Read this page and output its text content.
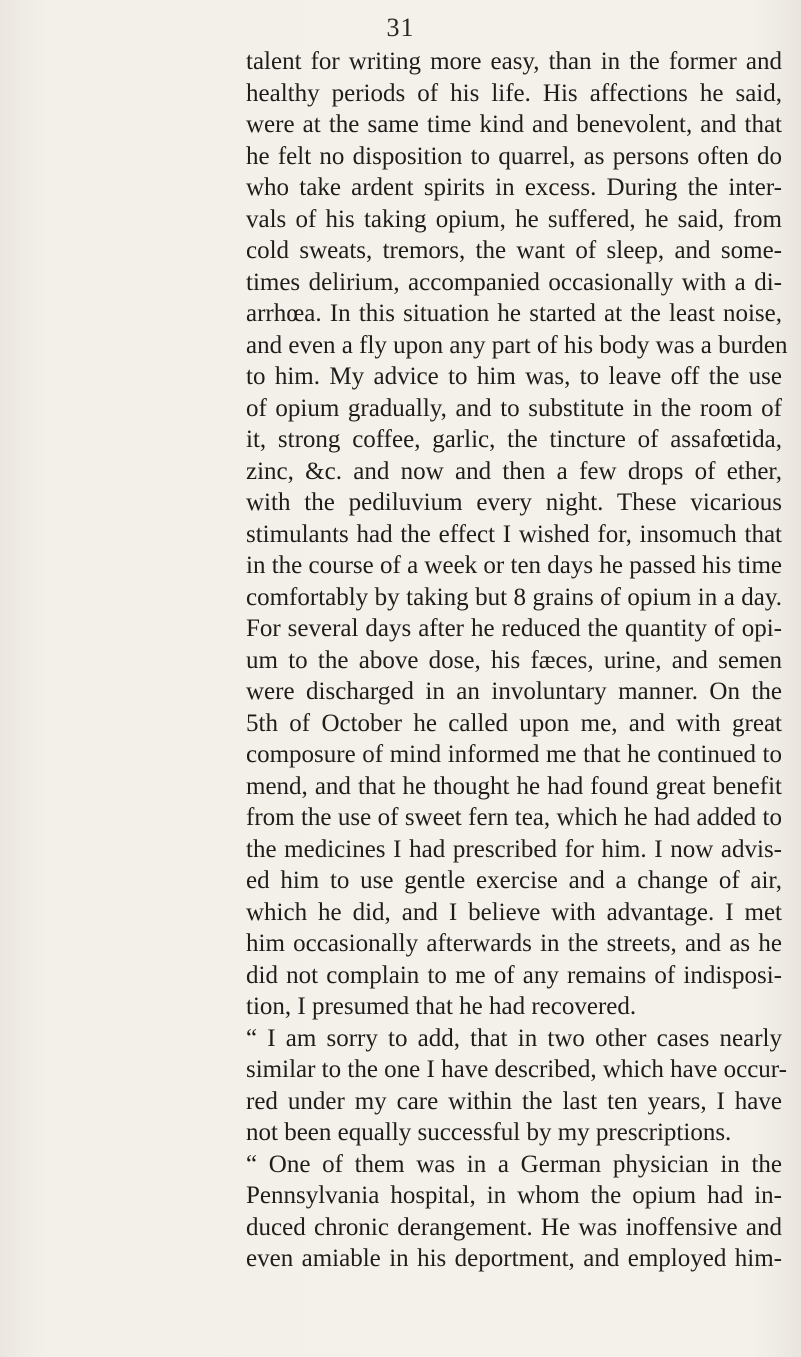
31
talent for writing more easy, than in the former and
healthy periods of his life. His affections he said,
were at the same time kind and benevolent, and that
he felt no disposition to quarrel, as persons often do
who take ardent spirits in excess. During the inter-
vals of his taking opium, he suffered, he said, from
cold sweats, tremors, the want of sleep, and some-
times delirium, accompanied occasionally with a di-
arrhœa. In this situation he started at the least noise,
and even a fly upon any part of his body was a burden
to him. My advice to him was, to leave off the use
of opium gradually, and to substitute in the room of
it, strong coffee, garlic, the tincture of assafœtida,
zinc, &c. and now and then a few drops of ether,
with the pediluvium every night. These vicarious
stimulants had the effect I wished for, insomuch that
in the course of a week or ten days he passed his time
comfortably by taking but 8 grains of opium in a day.
For several days after he reduced the quantity of opi-
um to the above dose, his fæces, urine, and semen
were discharged in an involuntary manner. On the
5th of October he called upon me, and with great
composure of mind informed me that he continued to
mend, and that he thought he had found great benefit
from the use of sweet fern tea, which he had added to
the medicines I had prescribed for him. I now advis-
ed him to use gentle exercise and a change of air,
which he did, and I believe with advantage. I met
him occasionally afterwards in the streets, and as he
did not complain to me of any remains of indisposi-
tion, I presumed that he had recovered.
“ I am sorry to add, that in two other cases nearly
similar to the one I have described, which have occur-
red under my care within the last ten years, I have
not been equally successful by my prescriptions.
“ One of them was in a German physician in the
Pennsylvania hospital, in whom the opium had in-
duced chronic derangement. He was inoffensive and
even amiable in his deportment, and employed him-
